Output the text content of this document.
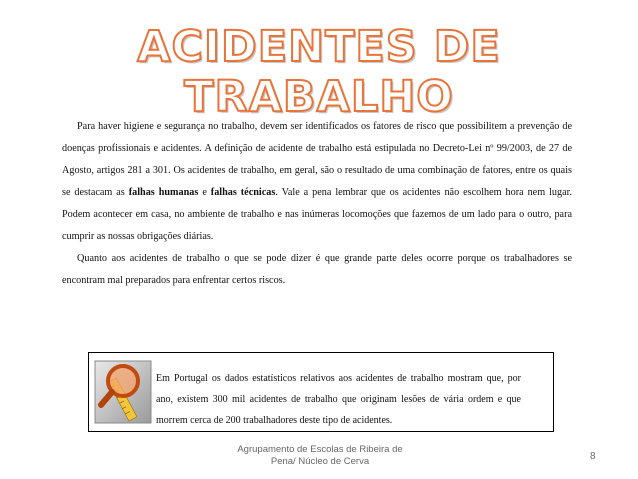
ACIDENTES DE TRABALHO

Para haver higiene e segurança no trabalho, devem ser identificados os fatores de risco que possibilitem a prevenção de doenças profissionais e acidentes. A definição de acidente de trabalho está estipulada no Decreto-Lei nº 99/2003, de 27 de Agosto, artigos 281 a 301. Os acidentes de trabalho, em geral, são o resultado de uma combinação de fatores, entre os quais se destacam as falhas humanas e falhas técnicas. Vale a pena lembrar que os acidentes não escolhem hora nem lugar. Podem acontecer em casa, no ambiente de trabalho e nas inúmeras locomoções que fazemos de um lado para o outro, para cumprir as nossas obrigações diárias.

Quanto aos acidentes de trabalho o que se pode dizer é que grande parte deles ocorre porque os trabalhadores se encontram mal preparados para enfrentar certos riscos.

Em Portugal os dados estatísticos relativos aos acidentes de trabalho mostram que, por ano, existem 300 mil acidentes de trabalho que originam lesões de vária ordem e que morrem cerca de 200 trabalhadores deste tipo de acidentes.
Agrupamento de Escolas de Ribeira de
Pena/ Núcleo de Cerva	8
